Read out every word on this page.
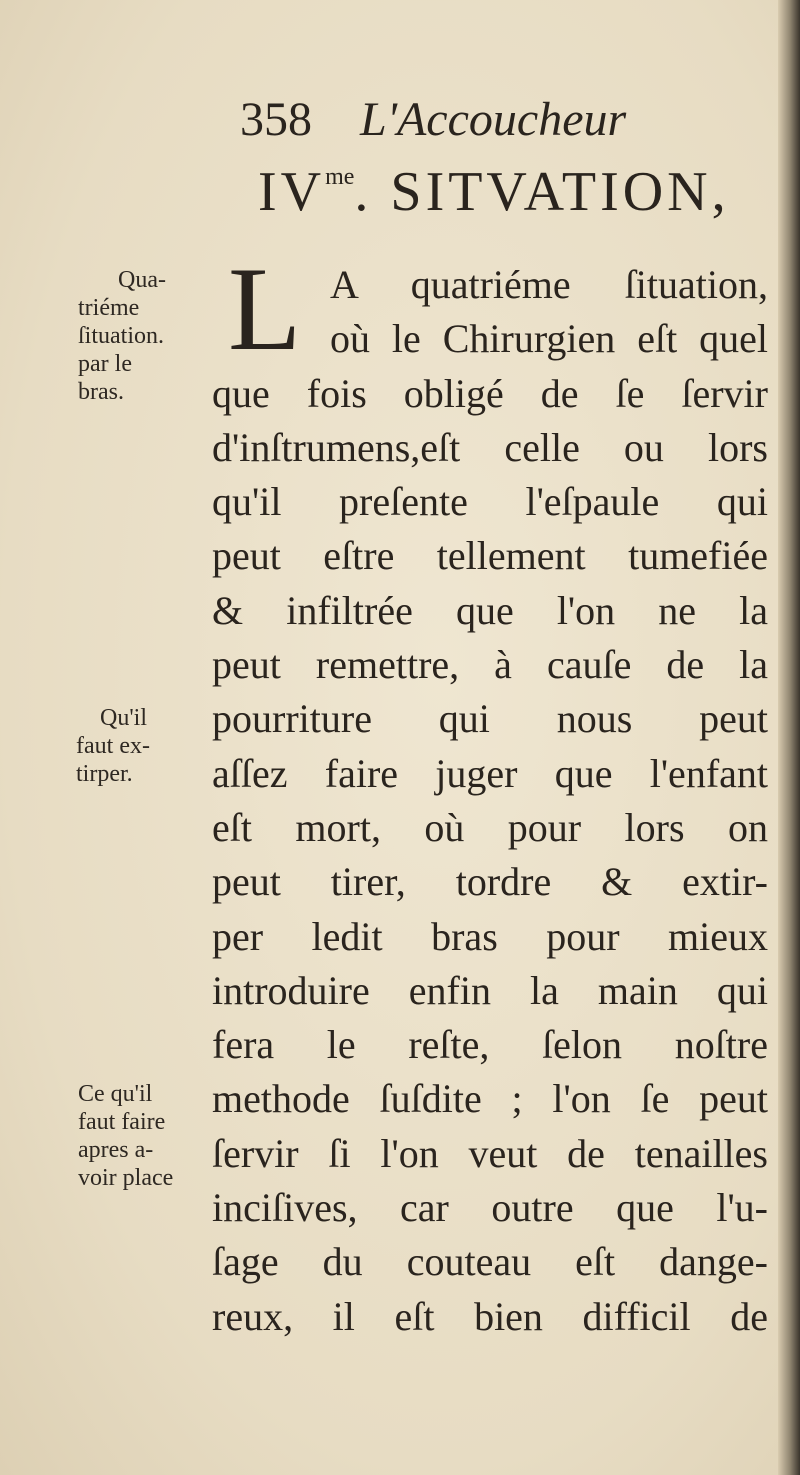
358 L'Accoucheur
$IV^{me}$. SITVATION,
L A quatriéme ſituation,
où le Chirurgien eſt quel
que fois obligé de ſe ſervir
d'inſtrumens,eſt celle ou lors
qu'il preſente l'eſpaule qui
peut eſtre tellement tumefiée
& infiltrée que l'on ne la
peut remettre, à cauſe de la
pourriture qui nous peut
aſſez faire juger que l'enfant
eſt mort, où pour lors on
peut tirer, tordre & extir-
per ledit bras pour mieux
introduire enfin la main qui
fera le reſte, ſelon noſtre
methode ſuſdite ; l'on ſe peut
ſervir ſi l'on veut de tenailles
inciſives, car outre que l'u-
ſage du couteau eſt dange-
reux, il eſt bien difficil de
Qua-
triéme
ſituation.
par le
bras.
Qu'il
faut ex-
tirper.
Ce qu'il
faut faire
apres a-
voir place
